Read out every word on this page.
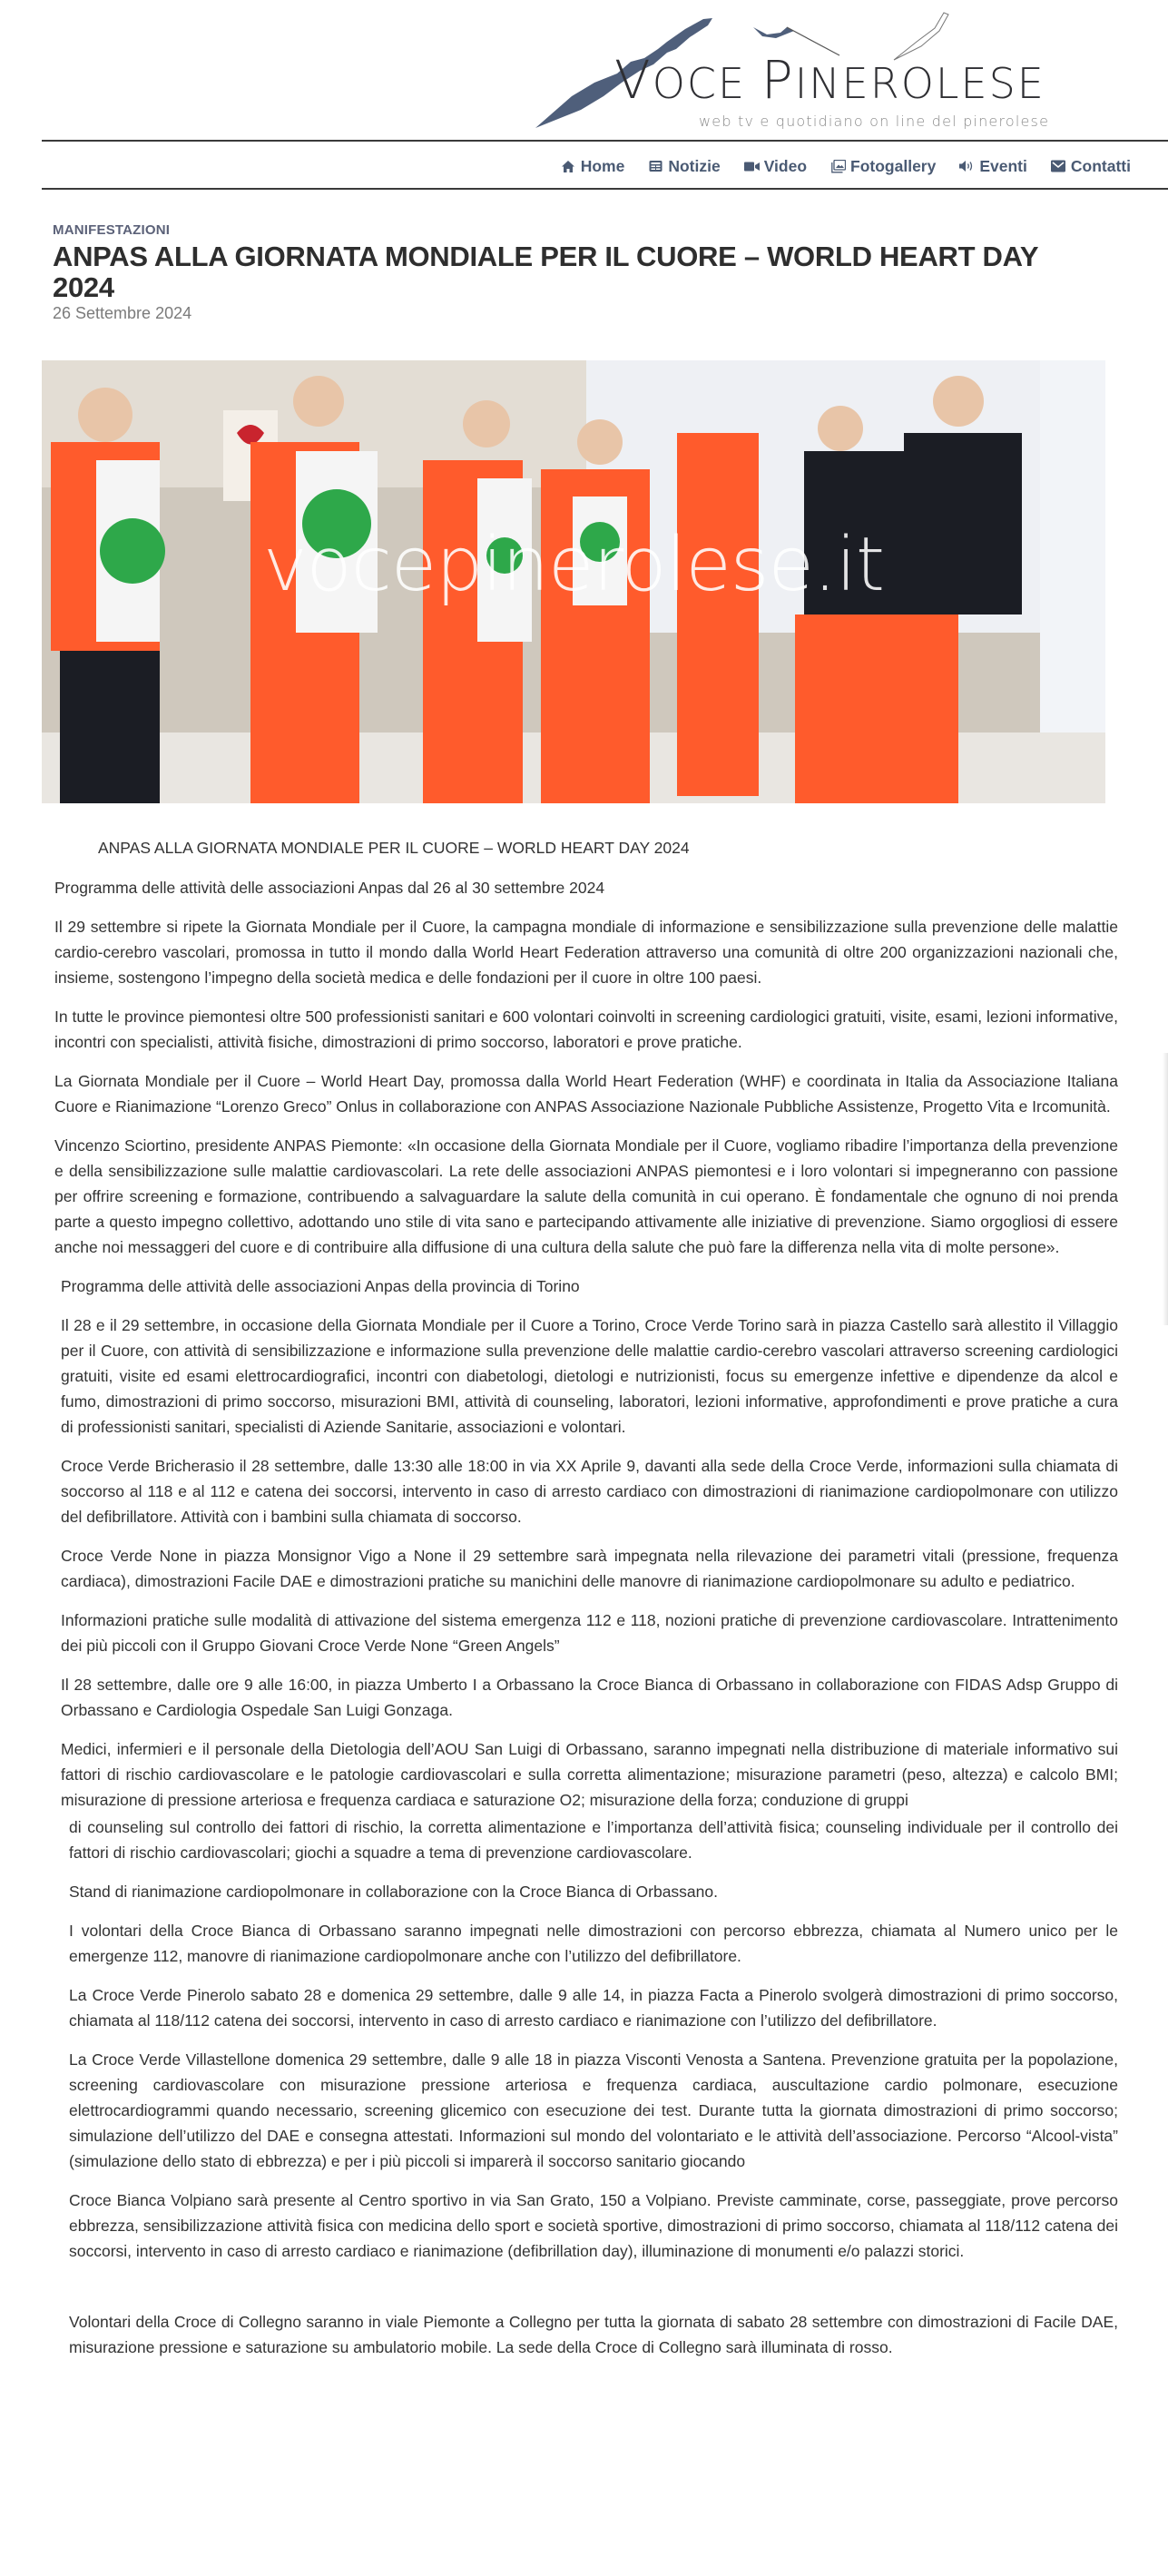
VOCE PINEROLESE
web tv e quotidiano on line del pinerolese
Home	Notizie	Video	Fotogallery	Eventi	Contatti
MANIFESTAZIONI
ANPAS ALLA GIORNATA MONDIALE PER IL CUORE – WORLD HEART DAY 2024
26 Settembre 2024
vocepinerolese.it

ANPAS ALLA GIORNATA MONDIALE PER IL CUORE – WORLD HEART DAY 2024

Programma delle attività delle associazioni Anpas dal 26 al 30 settembre 2024

Il 29 settembre si ripete la Giornata Mondiale per il Cuore, la campagna mondiale di informazione e sensibilizzazione sulla prevenzione delle malattie cardio-cerebro vascolari, promossa in tutto il mondo dalla World Heart Federation attraverso una comunità di oltre 200 organizzazioni nazionali che, insieme, sostengono l’impegno della società medica e delle fondazioni per il cuore in oltre 100 paesi.

In tutte le province piemontesi oltre 500 professionisti sanitari e 600 volontari coinvolti in screening cardiologici gratuiti, visite, esami, lezioni informative, incontri con specialisti, attività fisiche, dimostrazioni di primo soccorso, laboratori e prove pratiche.

La Giornata Mondiale per il Cuore – World Heart Day, promossa dalla World Heart Federation (WHF) e coordinata in Italia da Associazione Italiana Cuore e Rianimazione “Lorenzo Greco” Onlus in collaborazione con ANPAS Associazione Nazionale Pubbliche Assistenze, Progetto Vita e Ircomunità.

Vincenzo Sciortino, presidente ANPAS Piemonte: «In occasione della Giornata Mondiale per il Cuore, vogliamo ribadire l’importanza della prevenzione e della sensibilizzazione sulle malattie cardiovascolari. La rete delle associazioni ANPAS piemontesi e i loro volontari si impegneranno con passione per offrire screening e formazione, contribuendo a salvaguardare la salute della comunità in cui operano. È fondamentale che ognuno di noi prenda parte a questo impegno collettivo, adottando uno stile di vita sano e partecipando attivamente alle iniziative di prevenzione. Siamo orgogliosi di essere anche noi messaggeri del cuore e di contribuire alla diffusione di una cultura della salute che può fare la differenza nella vita di molte persone».

Programma delle attività delle associazioni Anpas della provincia di Torino

Il 28 e il 29 settembre, in occasione della Giornata Mondiale per il Cuore a Torino, Croce Verde Torino sarà in piazza Castello sarà allestito il Villaggio per il Cuore, con attività di sensibilizzazione e informazione sulla prevenzione delle malattie cardio-cerebro vascolari attraverso screening cardiologici gratuiti, visite ed esami elettrocardiografici, incontri con diabetologi, dietologi e nutrizionisti, focus su emergenze infettive e dipendenze da alcol e fumo, dimostrazioni di primo soccorso, misurazioni BMI, attività di counseling, laboratori, lezioni informative, approfondimenti e prove pratiche a cura di professionisti sanitari, specialisti di Aziende Sanitarie, associazioni e volontari.

Croce Verde Bricherasio il 28 settembre, dalle 13:30 alle 18:00 in via XX Aprile 9, davanti alla sede della Croce Verde, informazioni sulla chiamata di soccorso al 118 e al 112 e catena dei soccorsi, intervento in caso di arresto cardiaco con dimostrazioni di rianimazione cardiopolmonare con utilizzo del defibrillatore. Attività con i bambini sulla chiamata di soccorso.

Croce Verde None in piazza Monsignor Vigo a None il 29 settembre sarà impegnata nella rilevazione dei parametri vitali (pressione, frequenza cardiaca), dimostrazioni Facile DAE e dimostrazioni pratiche su manichini delle manovre di rianimazione cardiopolmonare su adulto e pediatrico.

Informazioni pratiche sulle modalità di attivazione del sistema emergenza 112 e 118, nozioni pratiche di prevenzione cardiovascolare. Intrattenimento dei più piccoli con il Gruppo Giovani Croce Verde None “Green Angels”

Il 28 settembre, dalle ore 9 alle 16:00, in piazza Umberto I a Orbassano la Croce Bianca di Orbassano in collaborazione con FIDAS Adsp Gruppo di Orbassano e Cardiologia Ospedale San Luigi Gonzaga.

Medici, infermieri e il personale della Dietologia dell’AOU San Luigi di Orbassano, saranno impegnati nella distribuzione di materiale informativo sui fattori di rischio cardiovascolare e le patologie cardiovascolari e sulla corretta alimentazione; misurazione parametri (peso, altezza) e calcolo BMI; misurazione di pressione arteriosa e frequenza cardiaca e saturazione O2; misurazione della forza; conduzione di gruppi

di counseling sul controllo dei fattori di rischio, la corretta alimentazione e l’importanza dell’attività fisica; counseling individuale per il controllo dei fattori di rischio cardiovascolari; giochi a squadre a tema di prevenzione cardiovascolare.

Stand di rianimazione cardiopolmonare in collaborazione con la Croce Bianca di Orbassano.

I volontari della Croce Bianca di Orbassano saranno impegnati nelle dimostrazioni con percorso ebbrezza, chiamata al Numero unico per le emergenze 112, manovre di rianimazione cardiopolmonare anche con l’utilizzo del defibrillatore.

La Croce Verde Pinerolo sabato 28 e domenica 29 settembre, dalle 9 alle 14, in piazza Facta a Pinerolo svolgerà dimostrazioni di primo soccorso, chiamata al 118/112 catena dei soccorsi, intervento in caso di arresto cardiaco e rianimazione con l’utilizzo del defibrillatore.

La Croce Verde Villastellone domenica 29 settembre, dalle 9 alle 18 in piazza Visconti Venosta a Santena. Prevenzione gratuita per la popolazione, screening cardiovascolare con misurazione pressione arteriosa e frequenza cardiaca, auscultazione cardio polmonare, esecuzione elettrocardiogrammi quando necessario, screening glicemico con esecuzione dei test. Durante tutta la giornata dimostrazioni di primo soccorso; simulazione dell’utilizzo del DAE e consegna attestati. Informazioni sul mondo del volontariato e le attività dell’associazione. Percorso “Alcool-vista” (simulazione dello stato di ebbrezza) e per i più piccoli si imparerà il soccorso sanitario giocando

Croce Bianca Volpiano sarà presente al Centro sportivo in via San Grato, 150 a Volpiano. Previste camminate, corse, passeggiate, prove percorso ebbrezza, sensibilizzazione attività fisica con medicina dello sport e società sportive, dimostrazioni di primo soccorso, chiamata al 118/112 catena dei soccorsi, intervento in caso di arresto cardiaco e rianimazione (defibrillation day), illuminazione di monumenti e/o palazzi storici.

Volontari della Croce di Collegno saranno in viale Piemonte a Collegno per tutta la giornata di sabato 28 settembre con dimostrazioni di Facile DAE, misurazione pressione e saturazione su ambulatorio mobile. La sede della Croce di Collegno sarà illuminata di rosso.
